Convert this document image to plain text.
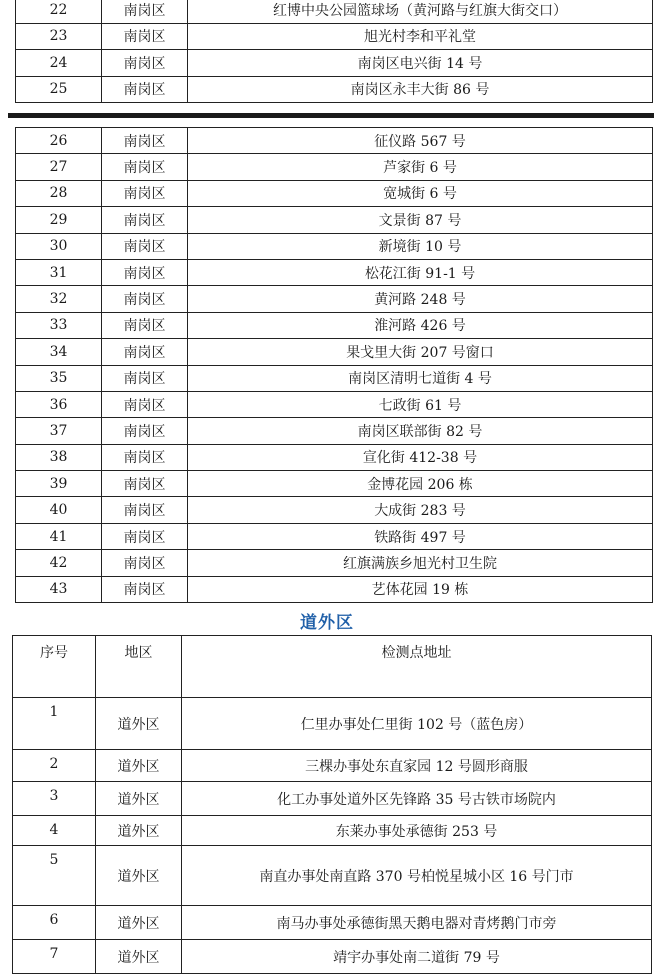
22	南岗区	红博中央公园篮球场（黄河路与红旗大街交口）
23	南岗区	旭光村李和平礼堂
24	南岗区	南岗区电兴街 14 号
25	南岗区	南岗区永丰大街 86 号
26	南岗区	征仪路 567 号
27	南岗区	芦家街 6 号
28	南岗区	宽城街 6 号
29	南岗区	文景街 87 号
30	南岗区	新境街 10 号
31	南岗区	松花江街 91-1 号
32	南岗区	黄河路 248 号
33	南岗区	淮河路 426 号
34	南岗区	果戈里大街 207 号窗口
35	南岗区	南岗区清明七道街 4 号
36	南岗区	七政街 61 号
37	南岗区	南岗区联部街 82 号
38	南岗区	宣化街 412-38 号
39	南岗区	金博花园 206 栋
40	南岗区	大成街 283 号
41	南岗区	铁路街 497 号
42	南岗区	红旗满族乡旭光村卫生院
43	南岗区	艺体花园 19 栋
道外区
序号	地区	检测点地址
1	道外区	仁里办事处仁里街 102 号（蓝色房）
2	道外区	三棵办事处东直家园 12 号圆形商服
3	道外区	化工办事处道外区先锋路 35 号古铁市场院内
4	道外区	东莱办事处承德街 253 号
5	道外区	南直办事处南直路 370 号柏悦星城小区 16 号门市
6	道外区	南马办事处承德街黑天鹅电器对青烤鹅门市旁
7	道外区	靖宇办事处南二道街 79 号
